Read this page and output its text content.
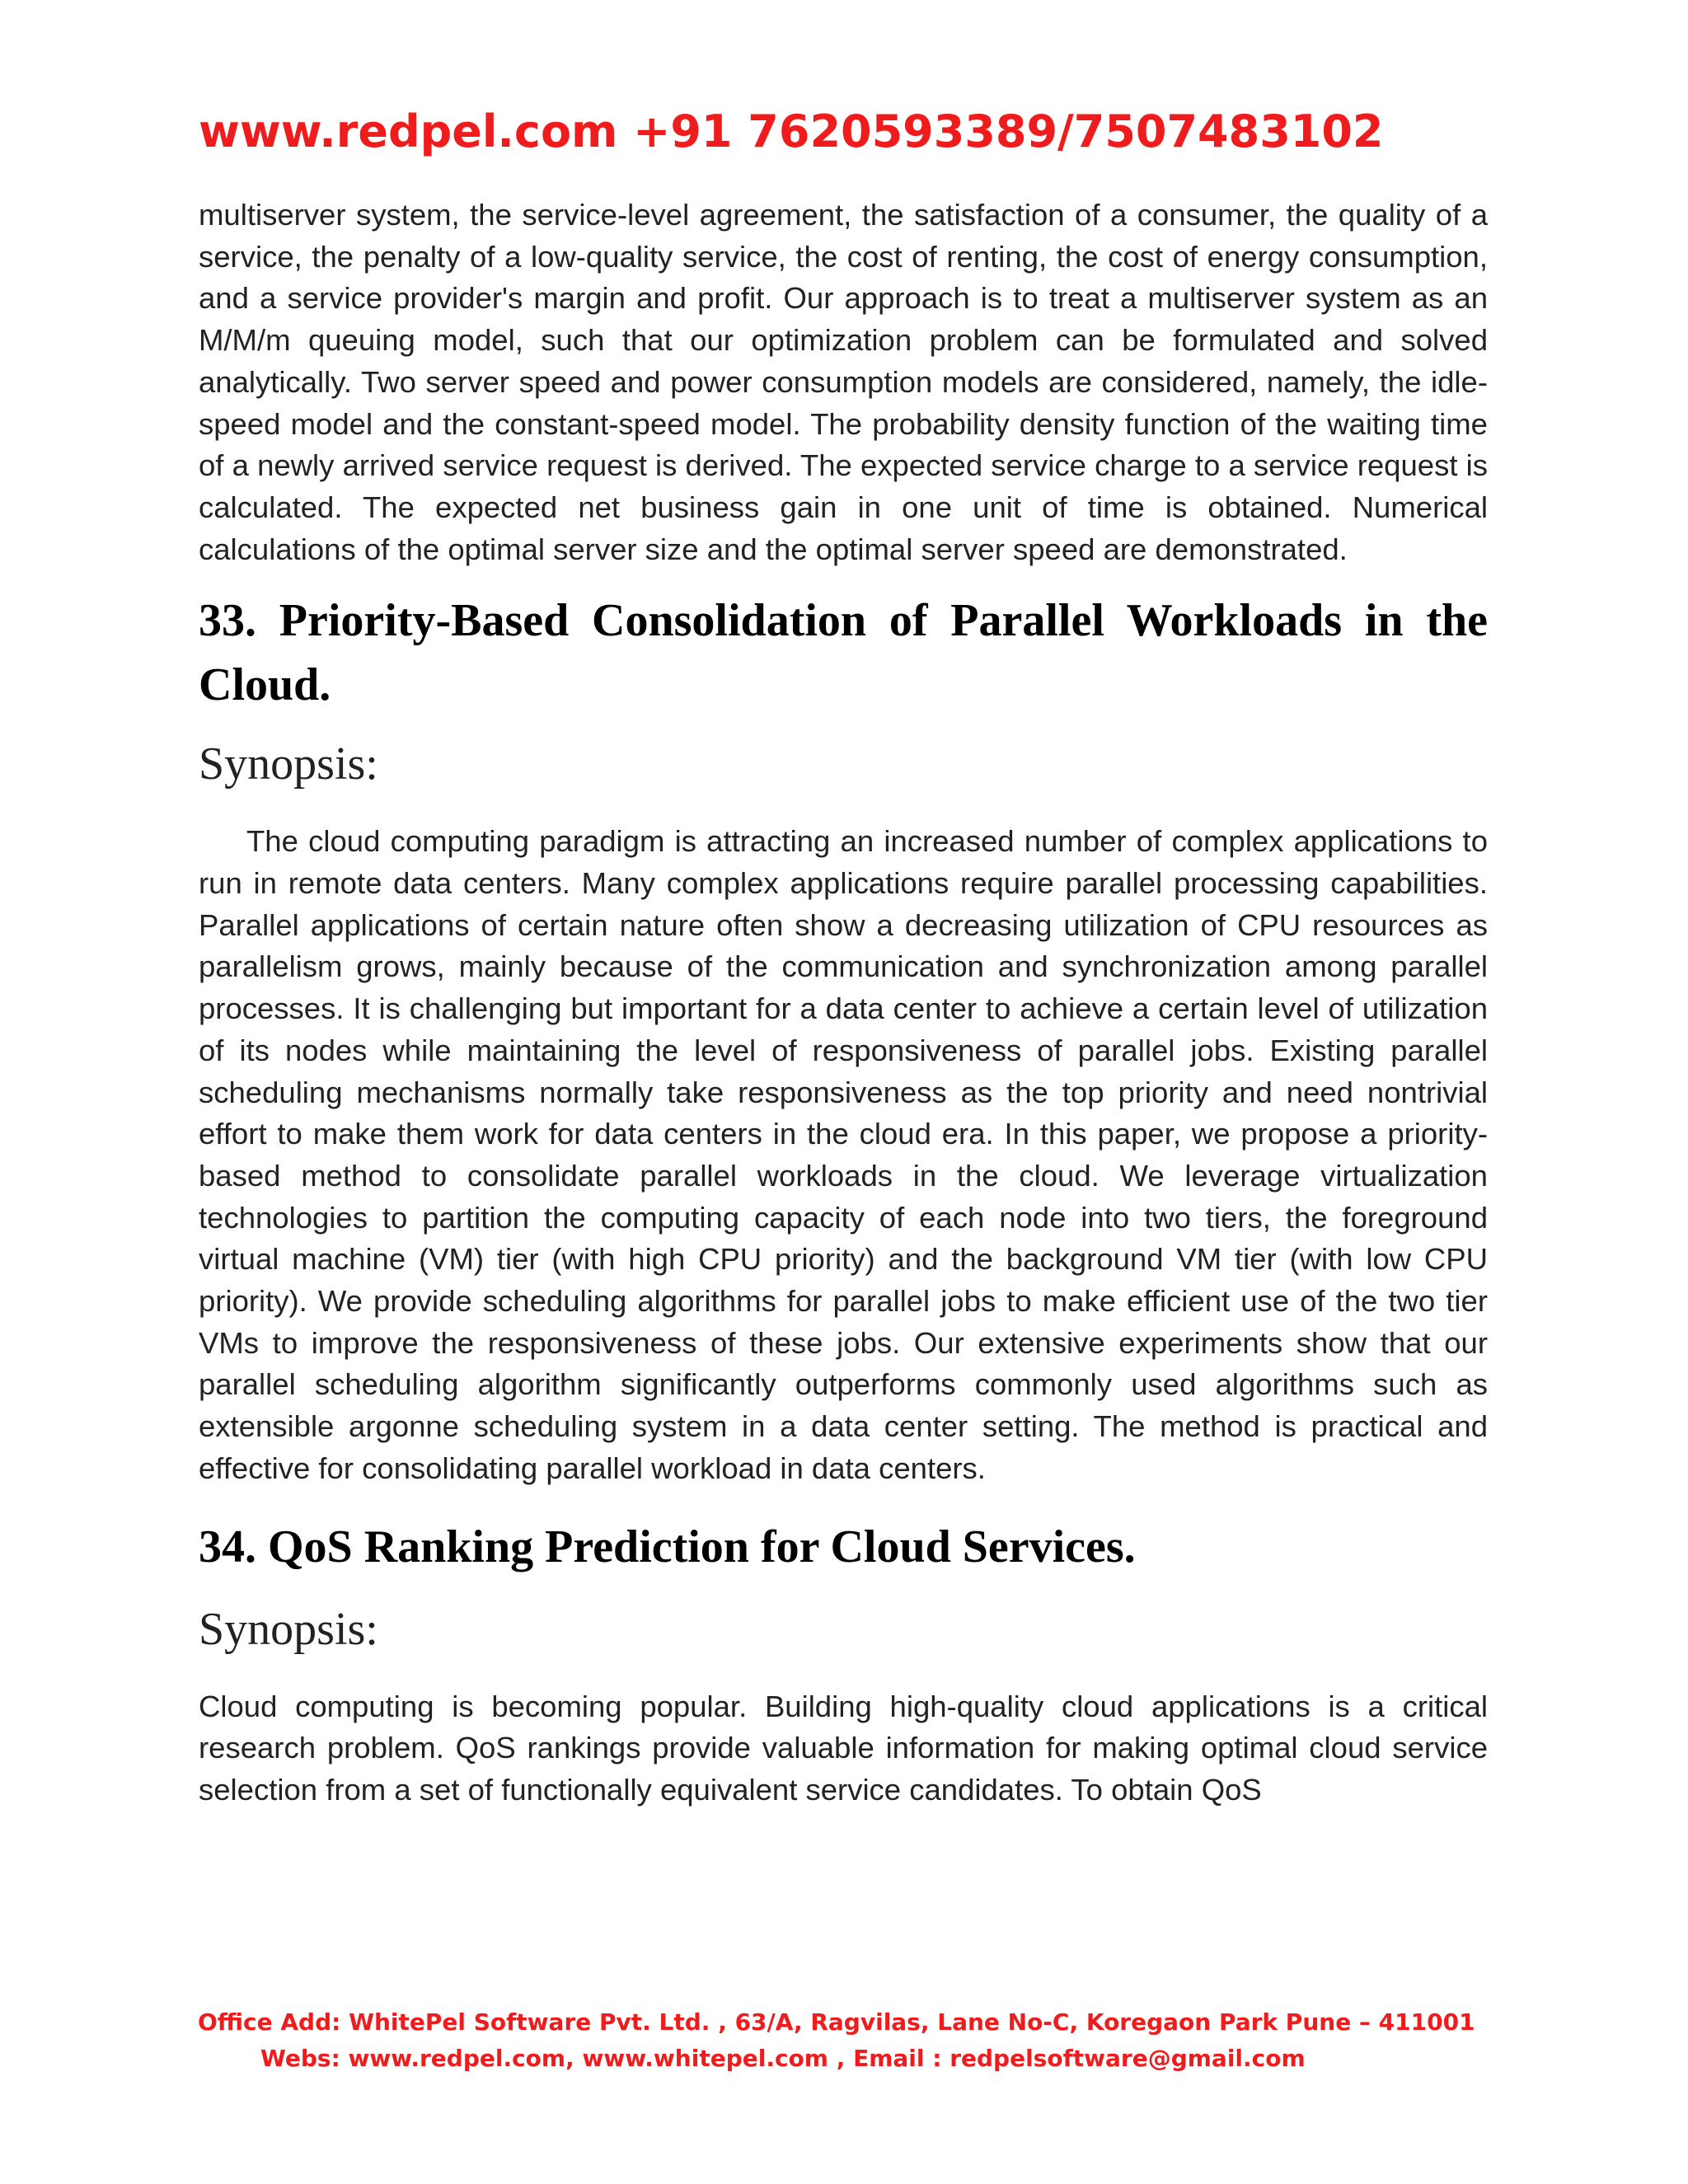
www.redpel.com +91 7620593389/7507483102

multiserver system, the service-level agreement, the satisfaction of a consumer, the quality of a service, the penalty of a low-quality service, the cost of renting, the cost of energy consumption, and a service provider's margin and profit. Our approach is to treat a multiserver system as an M/M/m queuing model, such that our optimization problem can be formulated and solved analytically. Two server speed and power consumption models are considered, namely, the idle-speed model and the constant-speed model. The probability density function of the waiting time of a newly arrived service request is derived. The expected service charge to a service request is calculated. The expected net business gain in one unit of time is obtained. Numerical calculations of the optimal server size and the optimal server speed are demonstrated.

33. Priority-Based Consolidation of Parallel Workloads in the Cloud.
Synopsis:

The cloud computing paradigm is attracting an increased number of complex applications to run in remote data centers. Many complex applications require parallel processing capabilities. Parallel applications of certain nature often show a decreasing utilization of CPU resources as parallelism grows, mainly because of the communication and synchronization among parallel processes. It is challenging but important for a data center to achieve a certain level of utilization of its nodes while maintaining the level of responsiveness of parallel jobs. Existing parallel scheduling mechanisms normally take responsiveness as the top priority and need nontrivial effort to make them work for data centers in the cloud era. In this paper, we propose a priority-based method to consolidate parallel workloads in the cloud. We leverage virtualization technologies to partition the computing capacity of each node into two tiers, the foreground virtual machine (VM) tier (with high CPU priority) and the background VM tier (with low CPU priority). We provide scheduling algorithms for parallel jobs to make efficient use of the two tier VMs to improve the responsiveness of these jobs. Our extensive experiments show that our parallel scheduling algorithm significantly outperforms commonly used algorithms such as extensible argonne scheduling system in a data center setting. The method is practical and effective for consolidating parallel workload in data centers.

34. QoS Ranking Prediction for Cloud Services.
Synopsis:

Cloud computing is becoming popular. Building high-quality cloud applications is a critical research problem. QoS rankings provide valuable information for making optimal cloud service selection from a set of functionally equivalent service candidates. To obtain QoS

Office Add: WhitePel Software Pvt. Ltd. , 63/A, Ragvilas, Lane No-C, Koregaon Park Pune – 411001
Webs: www.redpel.com, www.whitepel.com , Email : redpelsoftware@gmail.com
